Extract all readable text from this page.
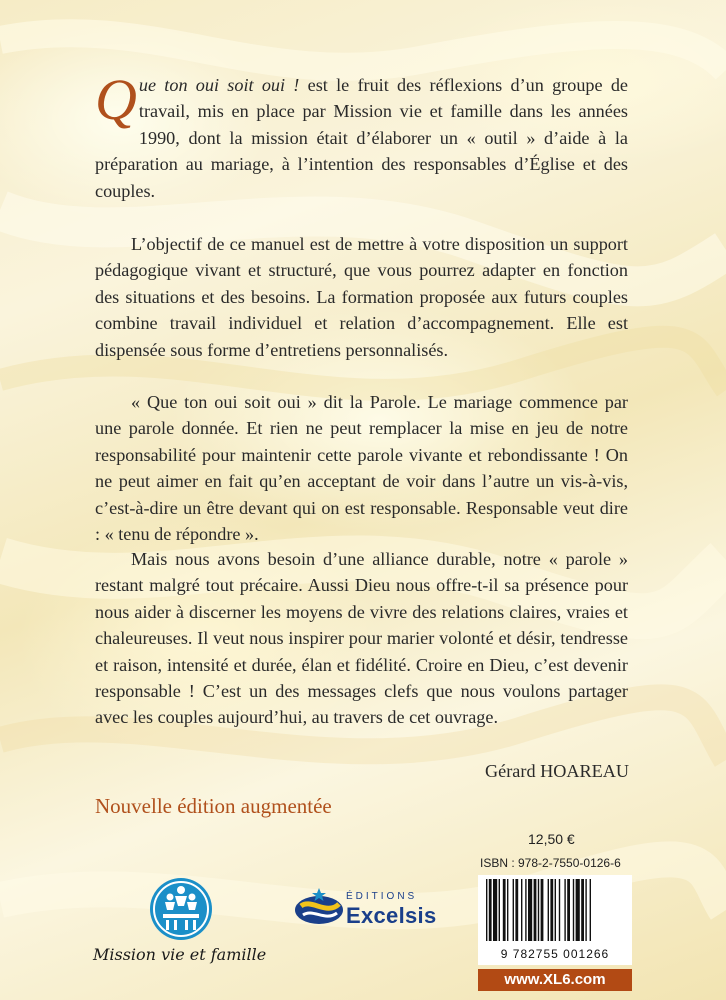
Que ton oui soit oui ! est le fruit des réflexions d’un groupe de travail, mis en place par Mission vie et famille dans les années 1990, dont la mission était d’élaborer un « outil » d’aide à la préparation au mariage, à l’intention des responsables d’Église et des couples.

L’objectif de ce manuel est de mettre à votre disposition un support pédagogique vivant et structuré, que vous pourrez adapter en fonction des situations et des besoins. La formation proposée aux futurs couples combine travail individuel et relation d’accompagnement. Elle est dispensée sous forme d’entretiens personnalisés.

« Que ton oui soit oui » dit la Parole. Le mariage commence par une parole donnée. Et rien ne peut remplacer la mise en jeu de notre responsabilité pour maintenir cette parole vivante et rebondissante ! On ne peut aimer en fait qu’en acceptant de voir dans l’autre un vis-à-vis, c’est-à-dire un être devant qui on est responsable. Responsable veut dire : « tenu de répondre ».

Mais nous avons besoin d’une alliance durable, notre « parole » restant malgré tout précaire. Aussi Dieu nous offre-t-il sa présence pour nous aider à discerner les moyens de vivre des relations claires, vraies et chaleureuses. Il veut nous inspirer pour marier volonté et désir, tendresse et raison, intensité et durée, élan et fidélité. Croire en Dieu, c’est devenir responsable ! C’est un des messages clefs que nous voulons partager avec les couples aujourd’hui, au travers de cet ouvrage.

Gérard HOAREAU

Nouvelle édition augmentée

Mission vie et famille
ÉDITIONS
Excelsis
12,50 €
ISBN : 978-2-7550-0126-6
9 782755 001266
www.XL6.com
